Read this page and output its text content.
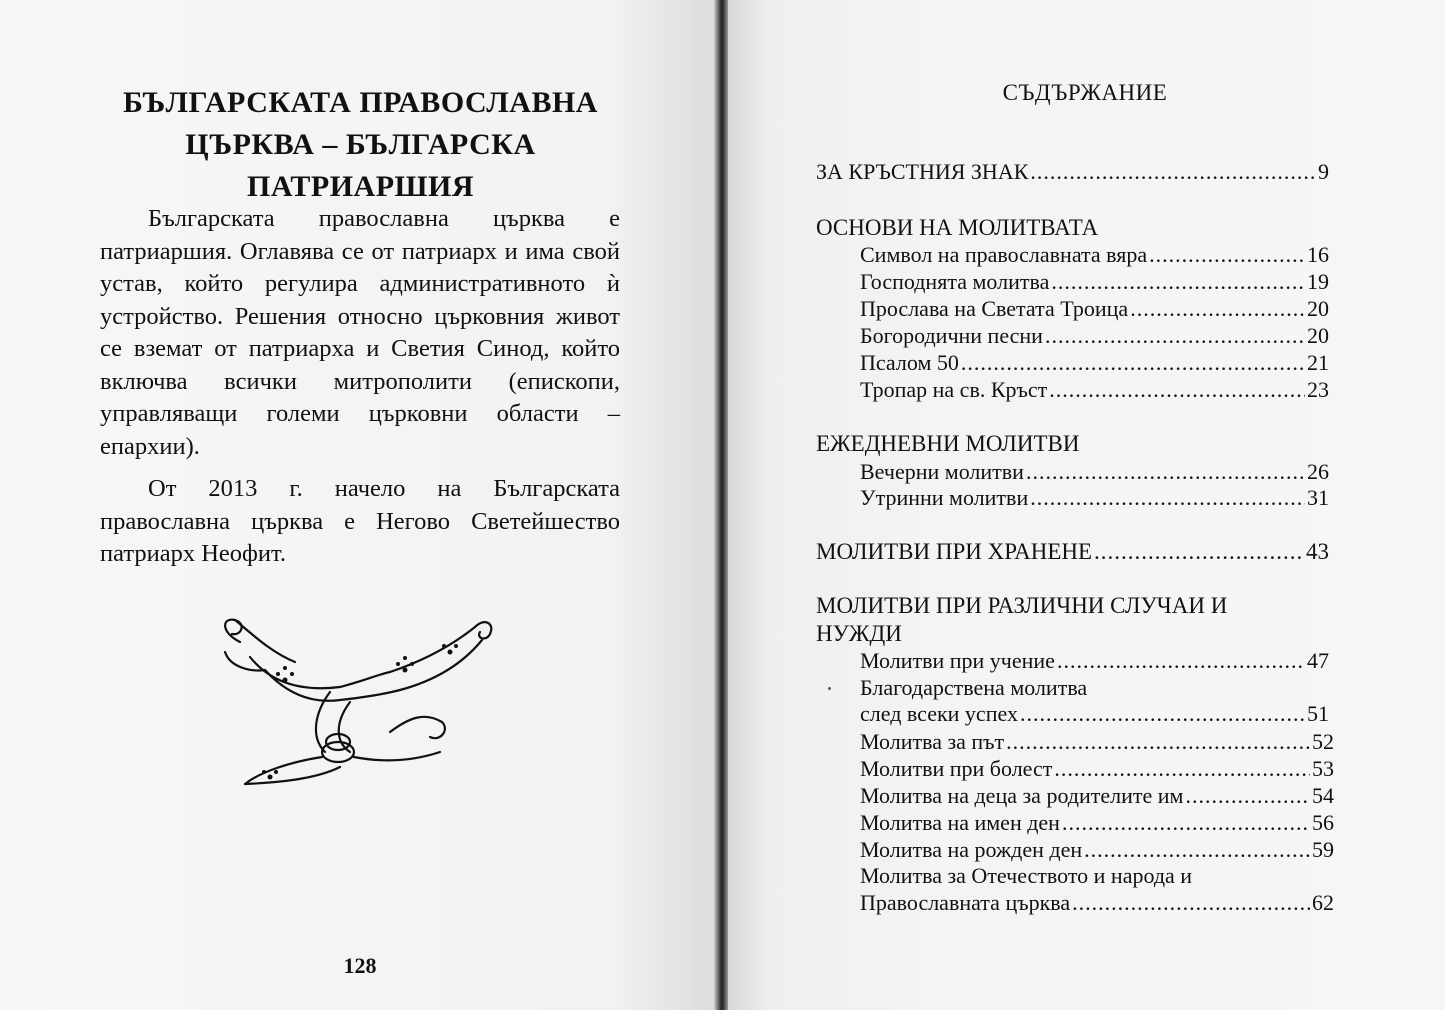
БЪЛГАРСКАТА ПРАВОСЛАВНА
ЦЪРКВА – БЪЛГАРСКА
ПАТРИАРШИЯ

Българската православна църква е патриаршия. Оглавява се от патриарх и има свой устав, който регулира административното ѝ устройство. Решения относно църковния живот се вземат от патриарха и Светия Синод, който включва всички митрополити (епископи, управляващи големи църковни области – епархии).

От 2013 г. начело на Българската православна църква е Негово Светейшество патриарх Неофит.

128
СЪДЪРЖАНИЕ
ЗА КРЪСТНИЯ ЗНАК .....	9
ОСНОВИ НА МОЛИТВАТА
Символ на православната вяра .....	16
Господнята молитва .....	19
Прослава на Светата Троица .....	20
Богородични песни .....	20
Псалом 50 .....	21
Тропар на св. Кръст .....	23
ЕЖЕДНЕВНИ МОЛИТВИ
Вечерни молитви .....	26
Утринни молитви .....	31
МОЛИТВИ ПРИ ХРАНЕНЕ .....	43
МОЛИТВИ ПРИ РАЗЛИЧНИ СЛУЧАИ И
НУЖДИ
Молитви при учение .....	47
Благодарствена молитва
след всеки успех .....	51
Молитва за път .....	52
Молитви при болест .....	53
Молитва на деца за родителите им .....	54
Молитва на имен ден .....	56
Молитва на рожден ден .....	59
Молитва за Отечеството и народа и
Православната църква .....	62
